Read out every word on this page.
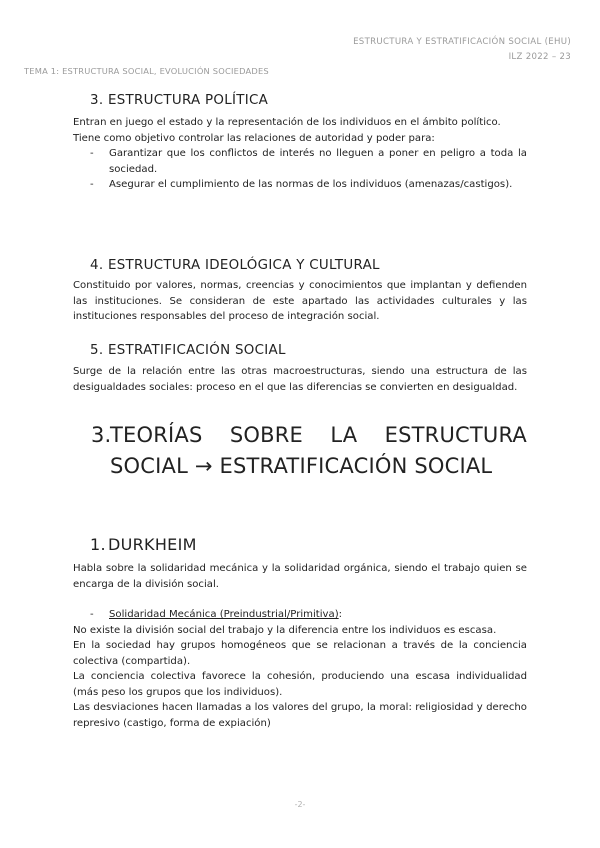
ESTRUCTURA Y ESTRATIFICACIÓN SOCIAL (EHU)
ILZ 2022 – 23
TEMA 1: ESTRUCTURA SOCIAL, EVOLUCIÓN SOCIEDADES
3. ESTRUCTURA POLÍTICA

Entran en juego el estado y la representación de los individuos en el ámbito político.

Tiene como objetivo controlar las relaciones de autoridad y poder para:

- Garantizar que los conflictos de interés no lleguen a poner en peligro a toda la sociedad.
- Asegurar el cumplimiento de las normas de los individuos (amenazas/castigos).
4. ESTRUCTURA IDEOLÓGICA Y CULTURAL

Constituido por valores, normas, creencias y conocimientos que implantan y defienden las instituciones. Se consideran de este apartado las actividades culturales y las instituciones responsables del proceso de integración social.

5. ESTRATIFICACIÓN SOCIAL

Surge de la relación entre las otras macroestructuras, siendo una estructura de las desigualdades sociales: proceso en el que las diferencias se convierten en desigualdad.

3.TEORÍAS SOBRE LA ESTRUCTURA
SOCIAL → ESTRATIFICACIÓN SOCIAL
1. DURKHEIM

Habla sobre la solidaridad mecánica y la solidaridad orgánica, siendo el trabajo quien se encarga de la división social.

- Solidaridad Mecánica (Preindustrial/Primitiva):

No existe la división social del trabajo y la diferencia entre los individuos es escasa.

En la sociedad hay grupos homogéneos que se relacionan a través de la conciencia colectiva (compartida).

La conciencia colectiva favorece la cohesión, produciendo una escasa individualidad (más peso los grupos que los individuos).

Las desviaciones hacen llamadas a los valores del grupo, la moral: religiosidad y derecho represivo (castigo, forma de expiación)

-2-
